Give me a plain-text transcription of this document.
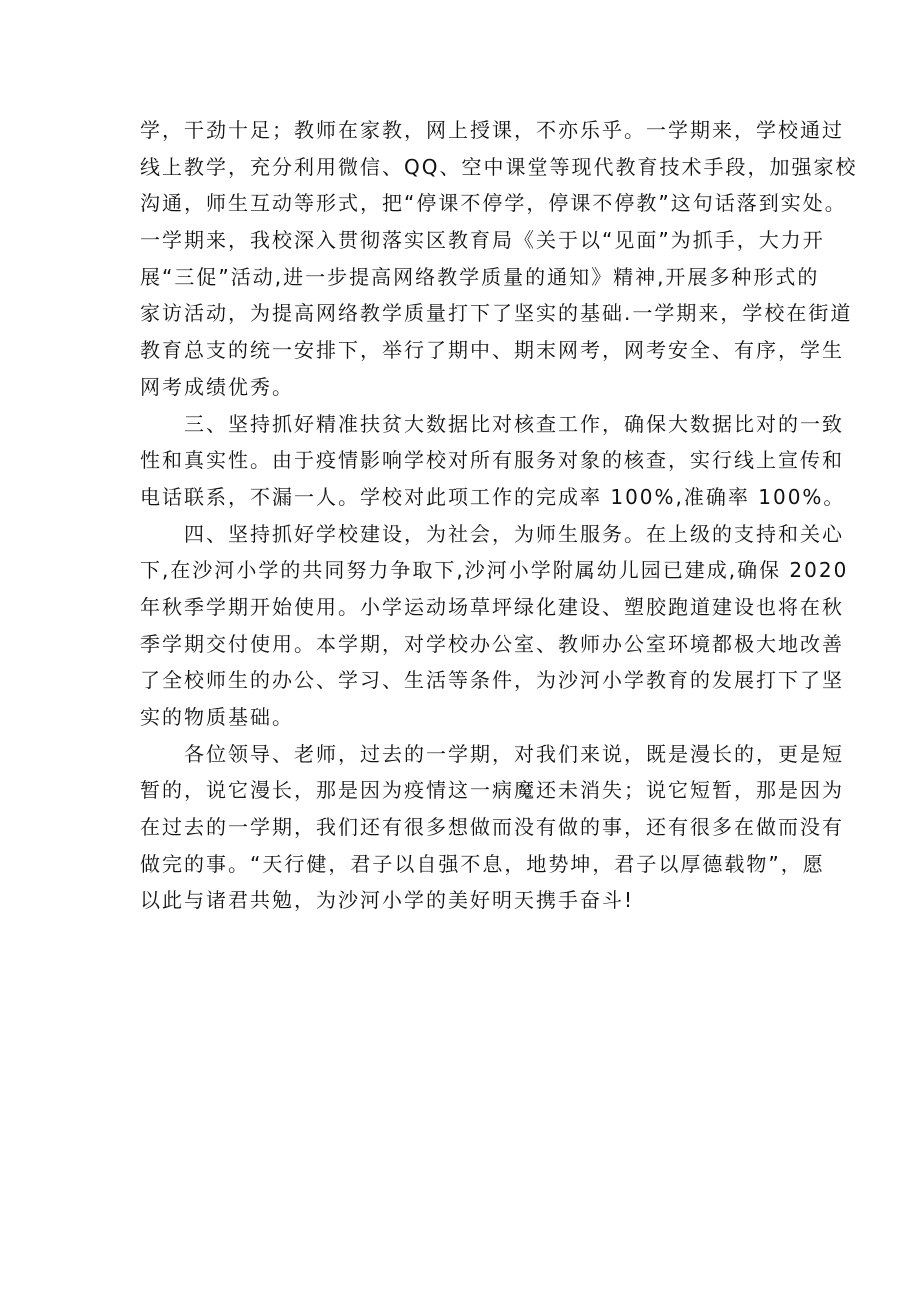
学，干劲十足；教师在家教，网上授课，不亦乐乎。一学期来，学校通过
线上教学，充分利用微信、QQ、空中课堂等现代教育技术手段，加强家校
沟通，师生互动等形式，把“停课不停学，停课不停教”这句话落到实处。
一学期来，我校深入贯彻落实区教育局《关于以“见面”为抓手，大力开
展“三促”活动,进一步提高网络教学质量的通知》精神,开展多种形式的
家访活动，为提高网络教学质量打下了坚实的基础.一学期来，学校在街道
教育总支的统一安排下，举行了期中、期末网考，网考安全、有序，学生
网考成绩优秀。
三、坚持抓好精准扶贫大数据比对核查工作，确保大数据比对的一致
性和真实性。由于疫情影响学校对所有服务对象的核查，实行线上宣传和
电话联系，不漏一人。学校对此项工作的完成率 100%,准确率 100%。
四、坚持抓好学校建设，为社会，为师生服务。在上级的支持和关心
下,在沙河小学的共同努力争取下,沙河小学附属幼儿园已建成,确保 2020
年秋季学期开始使用。小学运动场草坪绿化建设、塑胶跑道建设也将在秋
季学期交付使用。本学期，对学校办公室、教师办公室环境都极大地改善
了全校师生的办公、学习、生活等条件，为沙河小学教育的发展打下了坚
实的物质基础。
各位领导、老师，过去的一学期，对我们来说，既是漫长的，更是短
暂的，说它漫长，那是因为疫情这一病魔还未消失；说它短暂，那是因为
在过去的一学期，我们还有很多想做而没有做的事，还有很多在做而没有
做完的事。“天行健，君子以自强不息，地势坤，君子以厚德载物”，愿
以此与诸君共勉，为沙河小学的美好明天携手奋斗!
